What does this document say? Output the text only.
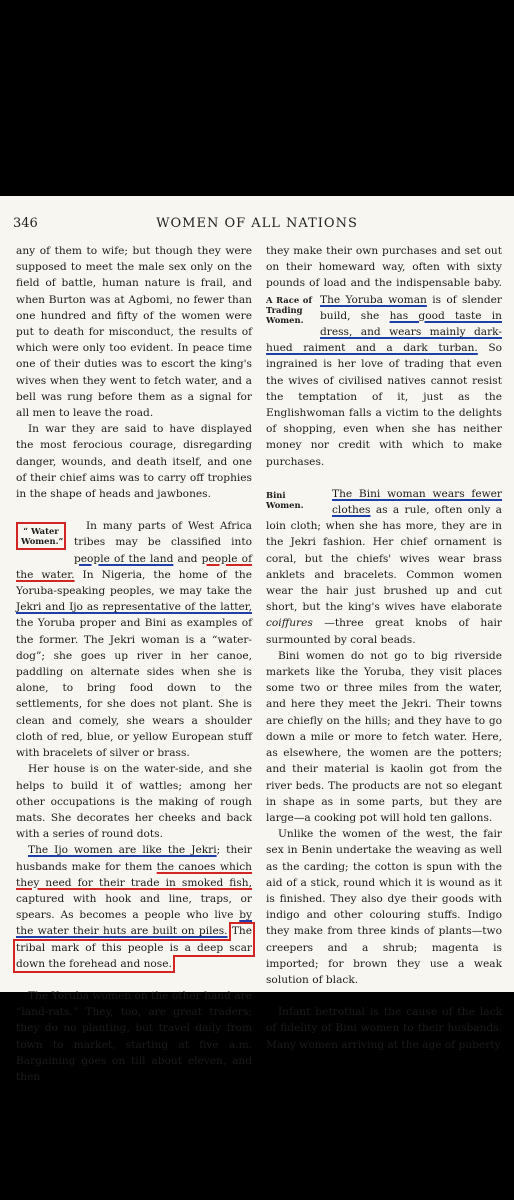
346	WOMEN OF ALL NATIONS

any of them to wife; but though they were supposed to meet the male sex only on the field of battle, human nature is frail, and when Burton was at Agbomi, no fewer than one hundred and fifty of the women were put to death for misconduct, the results of which were only too evident. In peace time one of their duties was to escort the king's wives when they went to fetch water, and a bell was rung before them as a signal for all men to leave the road.

In war they are said to have displayed the most ferocious courage, disregarding danger, wounds, and death itself, and one of their chief aims was to carry off trophies in the shape of heads and jawbones.

“ Water Women.”
In many parts of West Africa tribes may be classified into people of the land and people of the water. In Nigeria, the home of the Yoruba-speaking peoples, we may take the Jekri and Ijo as representative of the latter, the Yoruba proper and Bini as examples of the former. The Jekri woman is a “water-dog”; she goes up river in her canoe, paddling on alternate sides when she is alone, to bring food down to the settlements, for she does not plant. She is clean and comely, she wears a shoulder cloth of red, blue, or yellow European stuff with bracelets of silver or brass.

Her house is on the water-side, and she helps to build it of wattles; among her other occupations is the making of rough mats. She decorates her cheeks and back with a series of round dots.

The Ijo women are like the Jekri; their husbands make for them the canoes which they need for their trade in smoked fish, captured with hook and line, traps, or spears. As becomes a people who live by the water their huts are built on piles. The tribal mark of this people is a deep scar down the forehead and nose.

The Yoruba women on the other hand are “land-rats.” They, too, are great traders; they do no planting, but travel daily from town to market, starting at five a.m. Bargaining goes on till about eleven, and then

they make their own purchases and set out on their homeward way, often with sixty pounds of load and the indispensable baby.
A Race of Trading Women.
The Yoruba woman is of slender build, she has good taste in dress, and wears mainly dark-hued raiment and a dark turban. So ingrained is her love of trading that even the wives of civilised natives cannot resist the temptation of it, just as the Englishwoman falls a victim to the delights of shopping, even when she has neither money nor credit with which to make purchases.

Bini Women.
The Bini woman wears fewer clothes as a rule, often only a loin cloth; when she has more, they are in the Jekri fashion. Her chief ornament is coral, but the chiefs' wives wear brass anklets and bracelets. Common women wear the hair just brushed up and cut short, but the king's wives have elaborate coiffures —three great knobs of hair surmounted by coral beads.

Bini women do not go to big riverside markets like the Yoruba, they visit places some two or three miles from the water, and here they meet the Jekri. Their towns are chiefly on the hills; and they have to go down a mile or more to fetch water. Here, as elsewhere, the women are the potters; and their material is kaolin got from the river beds. The products are not so elegant in shape as in some parts, but they are large—a cooking pot will hold ten gallons.

Unlike the women of the west, the fair sex in Benin undertake the weaving as well as the carding; the cotton is spun with the aid of a stick, round which it is wound as it is finished. They also dye their goods with indigo and other colouring stuffs. Indigo they make from three kinds of plants—two creepers and a shrub; magenta is imported; for brown they use a weak solution of black.

Infant betrothal is the cause of the lack of fidelity of Bini women to their husbands. Many women arriving at the age of puberty
